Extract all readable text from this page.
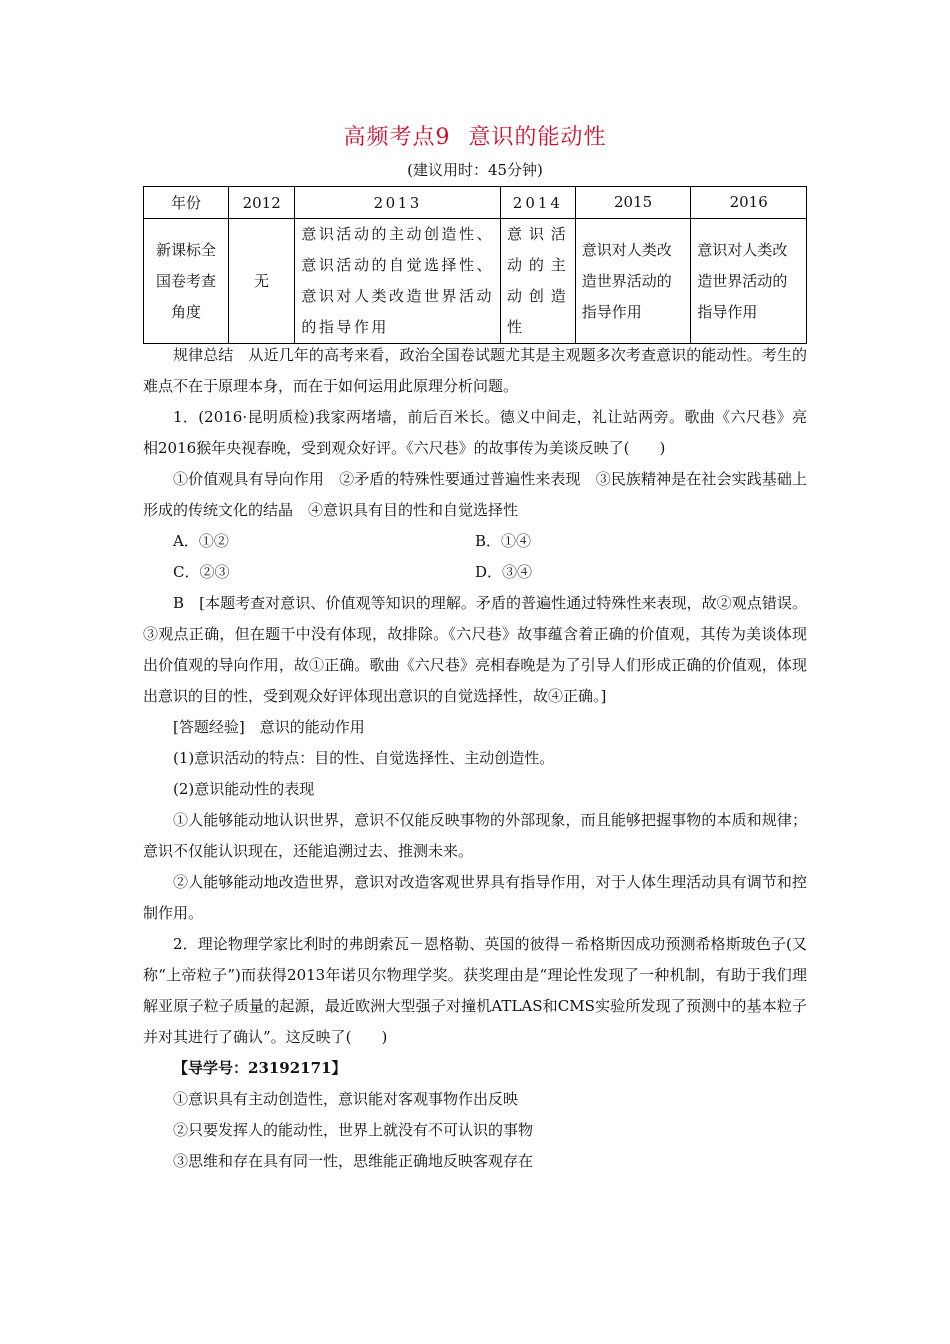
高频考点9 意识的能动性
(建议用时：45分钟)
年份	2012	2013	2014	2015	2016
新课标全国卷考查角度	无	意识活动的主动创造性、意识活动的自觉选择性、意识对人类改造世界活动的指导作用	意识活动的主动创造性	意识对人类改造世界活动的指导作用	意识对人类改造世界活动的指导作用

规律总结　从近几年的高考来看，政治全国卷试题尤其是主观题多次考查意识的能动性。考生的难点不在于原理本身，而在于如何运用此原理分析问题。

1．(2016·昆明质检)我家两堵墙，前后百米长。德义中间走，礼让站两旁。歌曲《六尺巷》亮相2016猴年央视春晚，受到观众好评。《六尺巷》的故事传为美谈反映了(　　)

①价值观具有导向作用　②矛盾的特殊性要通过普遍性来表现　③民族精神是在社会实践基础上形成的传统文化的结晶　④意识具有目的性和自觉选择性

A．①②	B．①④
C．②③	D．③④

B　[本题考查对意识、价值观等知识的理解。矛盾的普遍性通过特殊性来表现，故②观点错误。③观点正确，但在题干中没有体现，故排除。《六尺巷》故事蕴含着正确的价值观，其传为美谈体现出价值观的导向作用，故①正确。歌曲《六尺巷》亮相春晚是为了引导人们形成正确的价值观，体现出意识的目的性，受到观众好评体现出意识的自觉选择性，故④正确。]

[答题经验]　意识的能动作用

(1)意识活动的特点：目的性、自觉选择性、主动创造性。

(2)意识能动性的表现

①人能够能动地认识世界，意识不仅能反映事物的外部现象，而且能够把握事物的本质和规律；意识不仅能认识现在，还能追溯过去、推测未来。

②人能够能动地改造世界，意识对改造客观世界具有指导作用，对于人体生理活动具有调节和控制作用。

2．理论物理学家比利时的弗朗索瓦－恩格勒、英国的彼得－希格斯因成功预测希格斯玻色子(又称“上帝粒子”)而获得2013年诺贝尔物理学奖。获奖理由是“理论性发现了一种机制，有助于我们理解亚原子粒子质量的起源，最近欧洲大型强子对撞机ATLAS和CMS实验所发现了预测中的基本粒子并对其进行了确认”。这反映了(　　)

【导学号：23192171】

①意识具有主动创造性，意识能对客观事物作出反映

②只要发挥人的能动性，世界上就没有不可认识的事物

③思维和存在具有同一性，思维能正确地反映客观存在
